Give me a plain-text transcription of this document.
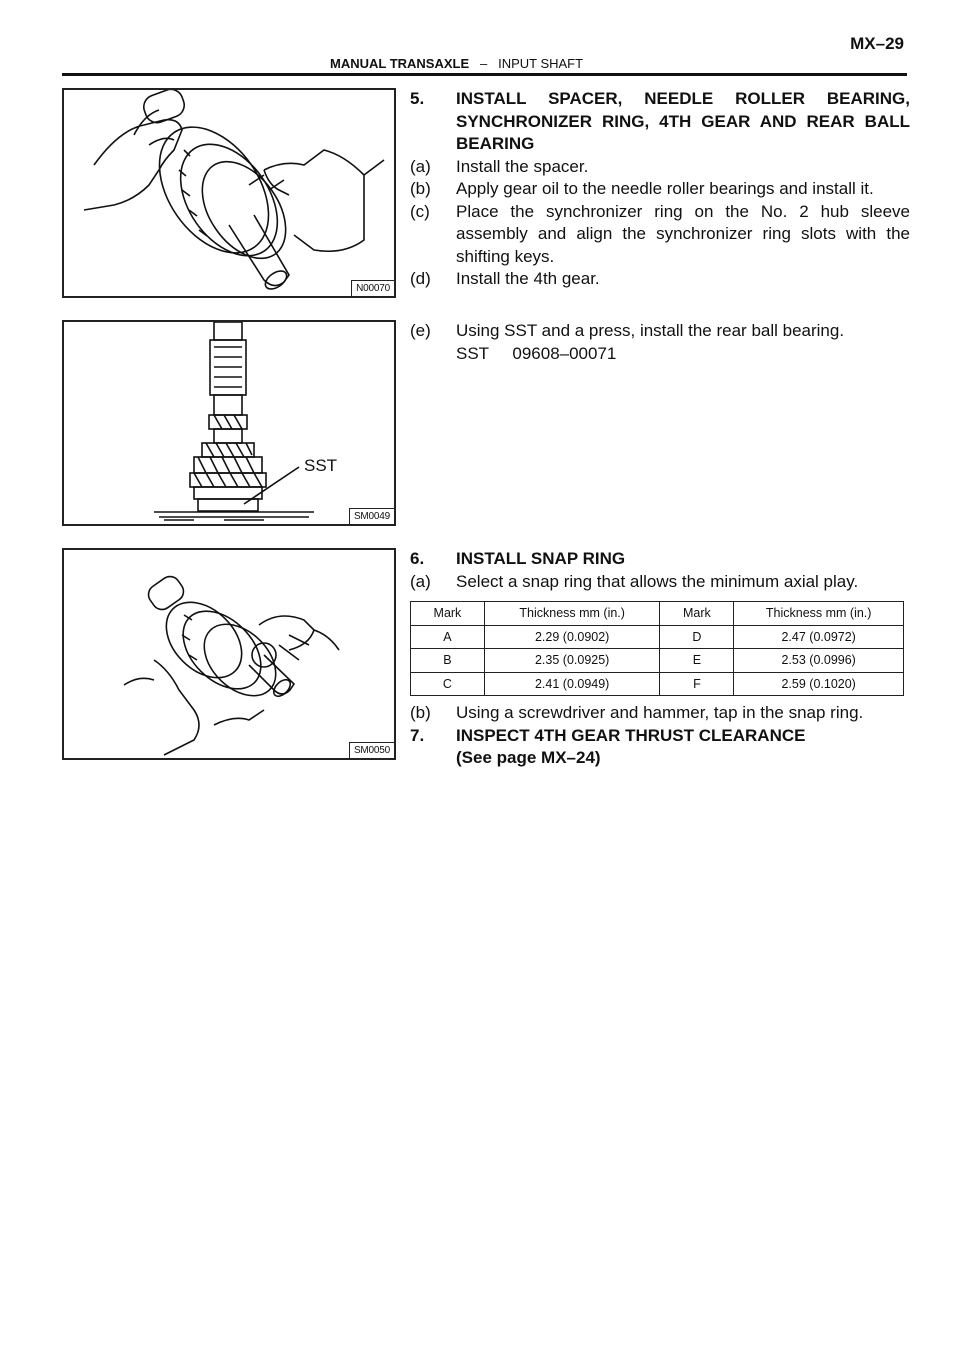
MX–29
MANUAL TRANSAXLE – INPUT SHAFT
N00070
SST
SM0049
SM0050
5.	INSTALL SPACER, NEEDLE ROLLER BEARING, SYNCHRONIZER RING, 4TH GEAR AND REAR BALL BEARING
(a)	Install the spacer.
(b)	Apply gear oil to the needle roller bearings and install it.
(c)	Place the synchronizer ring on the No. 2 hub sleeve assembly and align the synchronizer ring slots with the shifting keys.
(d)	Install the 4th gear.
(e)	Using SST and a press, install the rear ball bearing.
SST     09608–00071
6.	INSTALL SNAP RING
(a)	Select a snap ring that allows the minimum axial play.
Mark	Thickness mm (in.)	Mark	Thickness mm (in.)
A	2.29 (0.0902)	D	2.47 (0.0972)
B	2.35 (0.0925)	E	2.53 (0.0996)
C	2.41 (0.0949)	F	2.59 (0.1020)
(b)	Using a screwdriver and hammer, tap in the snap ring.
7.	INSPECT 4TH GEAR THRUST CLEARANCE
(See page MX–24)
